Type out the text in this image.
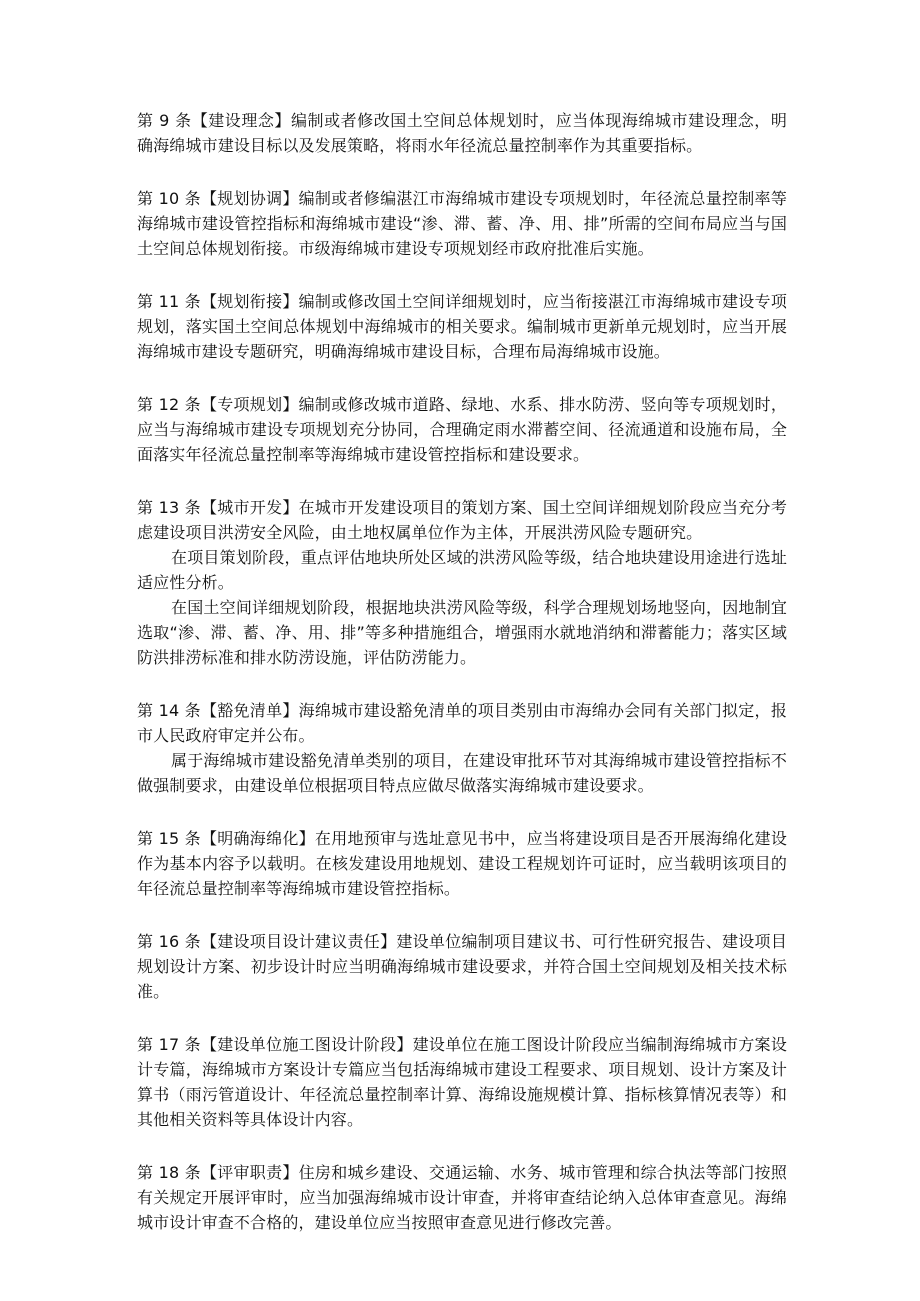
第 9 条【建设理念】编制或者修改国土空间总体规划时，应当体现海绵城市建设理念，明确海绵城市建设目标以及发展策略，将雨水年径流总量控制率作为其重要指标。

第 10 条【规划协调】编制或者修编湛江市海绵城市建设专项规划时，年径流总量控制率等海绵城市建设管控指标和海绵城市建设“渗、滞、蓄、净、用、排”所需的空间布局应当与国土空间总体规划衔接。市级海绵城市建设专项规划经市政府批准后实施。

第 11 条【规划衔接】编制或修改国土空间详细规划时，应当衔接湛江市海绵城市建设专项规划，落实国土空间总体规划中海绵城市的相关要求。编制城市更新单元规划时，应当开展海绵城市建设专题研究，明确海绵城市建设目标，合理布局海绵城市设施。

第 12 条【专项规划】编制或修改城市道路、绿地、水系、排水防涝、竖向等专项规划时，应当与海绵城市建设专项规划充分协同，合理确定雨水滞蓄空间、径流通道和设施布局，全面落实年径流总量控制率等海绵城市建设管控指标和建设要求。

第 13 条【城市开发】在城市开发建设项目的策划方案、国土空间详细规划阶段应当充分考虑建设项目洪涝安全风险，由土地权属单位作为主体，开展洪涝风险专题研究。

在项目策划阶段，重点评估地块所处区域的洪涝风险等级，结合地块建设用途进行选址适应性分析。

在国土空间详细规划阶段，根据地块洪涝风险等级，科学合理规划场地竖向，因地制宜选取“渗、滞、蓄、净、用、排”等多种措施组合，增强雨水就地消纳和滞蓄能力；落实区域防洪排涝标准和排水防涝设施，评估防涝能力。

第 14 条【豁免清单】海绵城市建设豁免清单的项目类别由市海绵办会同有关部门拟定，报市人民政府审定并公布。

属于海绵城市建设豁免清单类别的项目，在建设审批环节对其海绵城市建设管控指标不做强制要求，由建设单位根据项目特点应做尽做落实海绵城市建设要求。

第 15 条【明确海绵化】在用地预审与选址意见书中，应当将建设项目是否开展海绵化建设作为基本内容予以载明。在核发建设用地规划、建设工程规划许可证时，应当载明该项目的年径流总量控制率等海绵城市建设管控指标。

第 16 条【建设项目设计建议责任】建设单位编制项目建议书、可行性研究报告、建设项目规划设计方案、初步设计时应当明确海绵城市建设要求，并符合国土空间规划及相关技术标准。

第 17 条【建设单位施工图设计阶段】建设单位在施工图设计阶段应当编制海绵城市方案设计专篇，海绵城市方案设计专篇应当包括海绵城市建设工程要求、项目规划、设计方案及计算书（雨污管道设计、年径流总量控制率计算、海绵设施规模计算、指标核算情况表等）和其他相关资料等具体设计内容。

第 18 条【评审职责】住房和城乡建设、交通运输、水务、城市管理和综合执法等部门按照有关规定开展评审时，应当加强海绵城市设计审查，并将审查结论纳入总体审查意见。海绵城市设计审查不合格的，建设单位应当按照审查意见进行修改完善。
